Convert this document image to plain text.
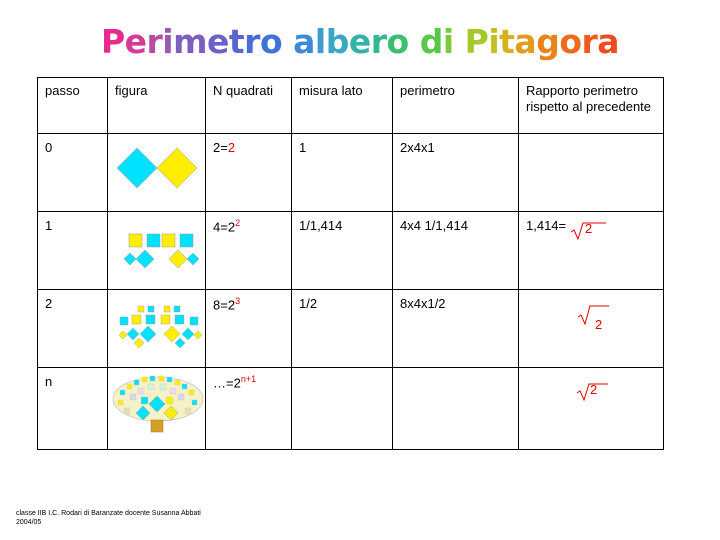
Perimetro albero di Pitagora
passo	figura	N quadrati	misura lato	perimetro	Rapporto perimetro rispetto al precedente
0		2=2	1	2x4x1	
1		$4=2^2$	1/1,414	4x4 1/1,414	1,414= 2

2		$8=2^3$	1/2	8x4x1/2	2

n		$\dots=2^{n+1}$			2
classe IIB I.C. Rodari di Baranzate docente Susanna Abbati
2004/05
